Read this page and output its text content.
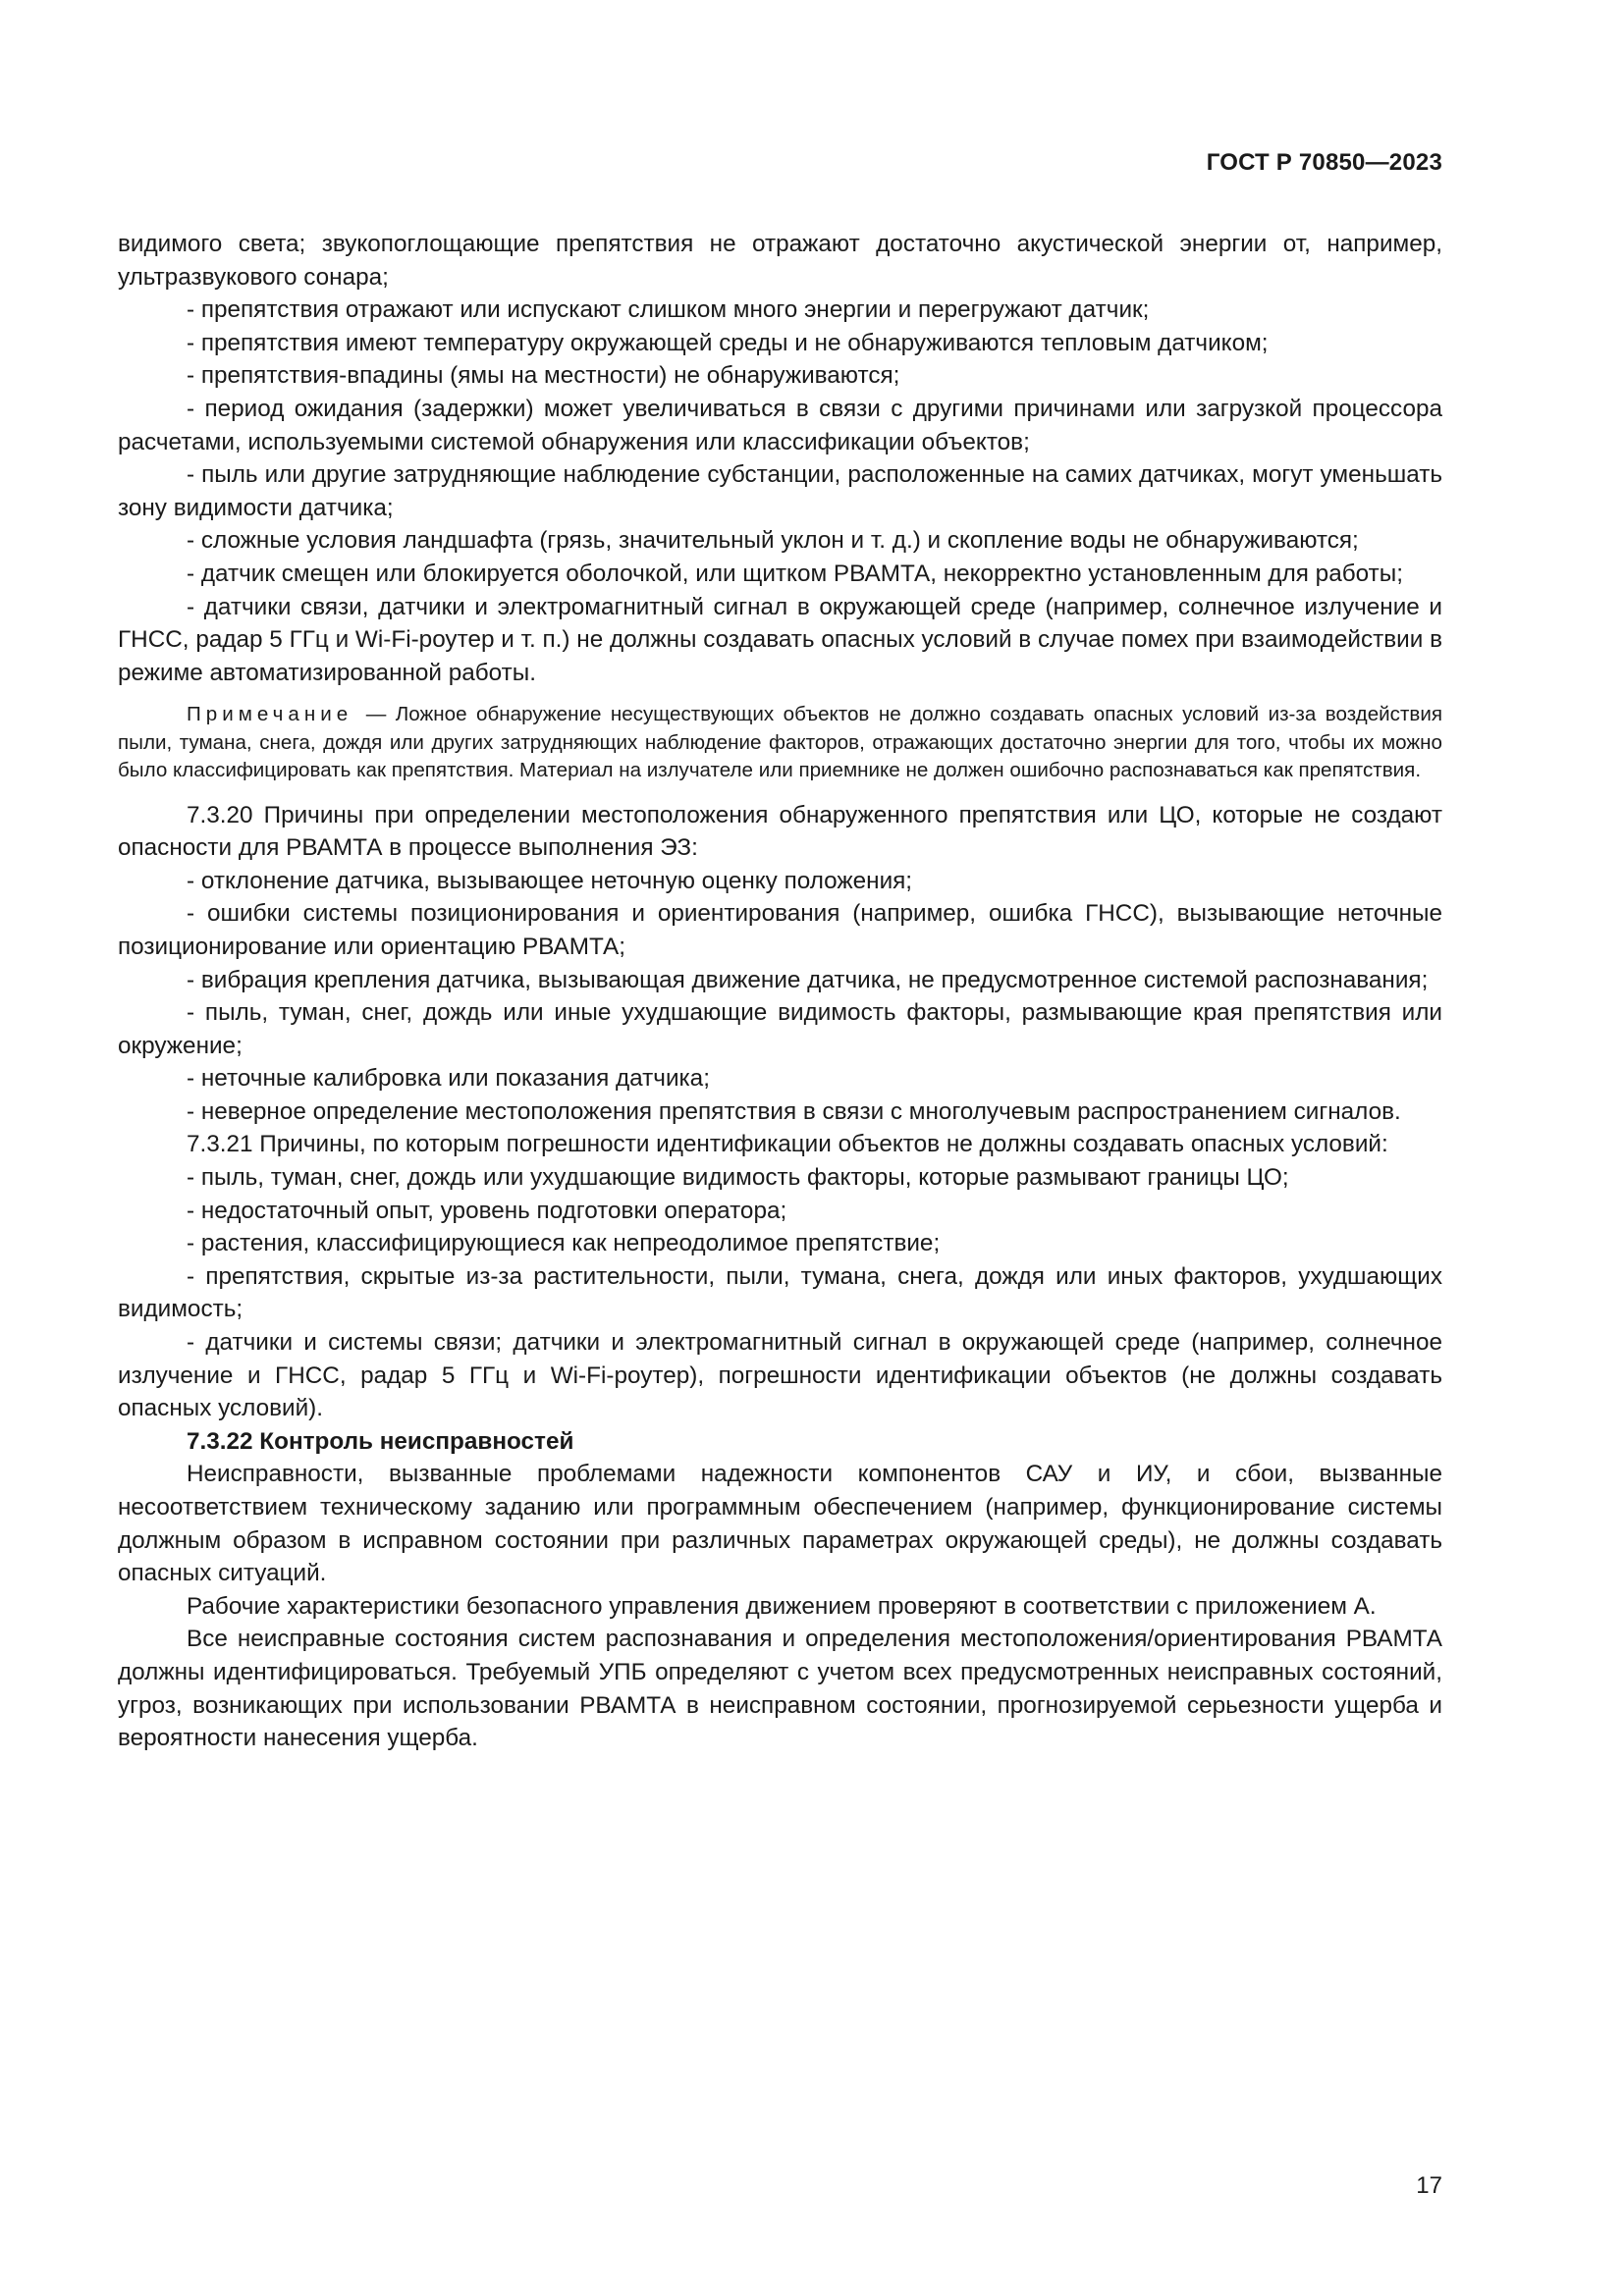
ГОСТ Р 70850—2023

видимого света; звукопоглощающие препятствия не отражают достаточно акустической энергии от, например, ультразвукового сонара;

- препятствия отражают или испускают слишком много энергии и перегружают датчик;

- препятствия имеют температуру окружающей среды и не обнаруживаются тепловым датчиком;

- препятствия-впадины (ямы на местности) не обнаруживаются;

- период ожидания (задержки) может увеличиваться в связи с другими причинами или загрузкой процессора расчетами, используемыми системой обнаружения или классификации объектов;

- пыль или другие затрудняющие наблюдение субстанции, расположенные на самих датчиках, могут уменьшать зону видимости датчика;

- сложные условия ландшафта (грязь, значительный уклон и т. д.) и скопление воды не обнаруживаются;

- датчик смещен или блокируется оболочкой, или щитком РВАМТА, некорректно установленным для работы;

- датчики связи, датчики и электромагнитный сигнал в окружающей среде (например, солнечное излучение и ГНСС, радар 5 ГГц и Wi-Fi-роутер и т. п.) не должны создавать опасных условий в случае помех при взаимодействии в режиме автоматизированной работы.

Примечание — Ложное обнаружение несуществующих объектов не должно создавать опасных условий из-за воздействия пыли, тумана, снега, дождя или других затрудняющих наблюдение факторов, отражающих достаточно энергии для того, чтобы их можно было классифицировать как препятствия. Материал на излучателе или приемнике не должен ошибочно распознаваться как препятствия.

7.3.20 Причины при определении местоположения обнаруженного препятствия или ЦО, которые не создают опасности для РВАМТА в процессе выполнения ЭЗ:

- отклонение датчика, вызывающее неточную оценку положения;

- ошибки системы позиционирования и ориентирования (например, ошибка ГНСС), вызывающие неточные позиционирование или ориентацию РВАМТА;

- вибрация крепления датчика, вызывающая движение датчика, не предусмотренное системой распознавания;

- пыль, туман, снег, дождь или иные ухудшающие видимость факторы, размывающие края препятствия или окружение;

- неточные калибровка или показания датчика;

- неверное определение местоположения препятствия в связи с многолучевым распространением сигналов.

7.3.21 Причины, по которым погрешности идентификации объектов не должны создавать опасных условий:

- пыль, туман, снег, дождь или ухудшающие видимость факторы, которые размывают границы ЦО;

- недостаточный опыт, уровень подготовки оператора;

- растения, классифицирующиеся как непреодолимое препятствие;

- препятствия, скрытые из-за растительности, пыли, тумана, снега, дождя или иных факторов, ухудшающих видимость;

- датчики и системы связи; датчики и электромагнитный сигнал в окружающей среде (например, солнечное излучение и ГНСС, радар 5 ГГц и Wi-Fi-роутер), погрешности идентификации объектов (не должны создавать опасных условий).

7.3.22 Контроль неисправностей

Неисправности, вызванные проблемами надежности компонентов САУ и ИУ, и сбои, вызванные несоответствием техническому заданию или программным обеспечением (например, функционирование системы должным образом в исправном состоянии при различных параметрах окружающей среды), не должны создавать опасных ситуаций.

Рабочие характеристики безопасного управления движением проверяют в соответствии с приложением А.

Все неисправные состояния систем распознавания и определения местоположения/ориентирования РВАМТА должны идентифицироваться. Требуемый УПБ определяют с учетом всех предусмотренных неисправных состояний, угроз, возникающих при использовании РВАМТА в неисправном состоянии, прогнозируемой серьезности ущерба и вероятности нанесения ущерба.

17
